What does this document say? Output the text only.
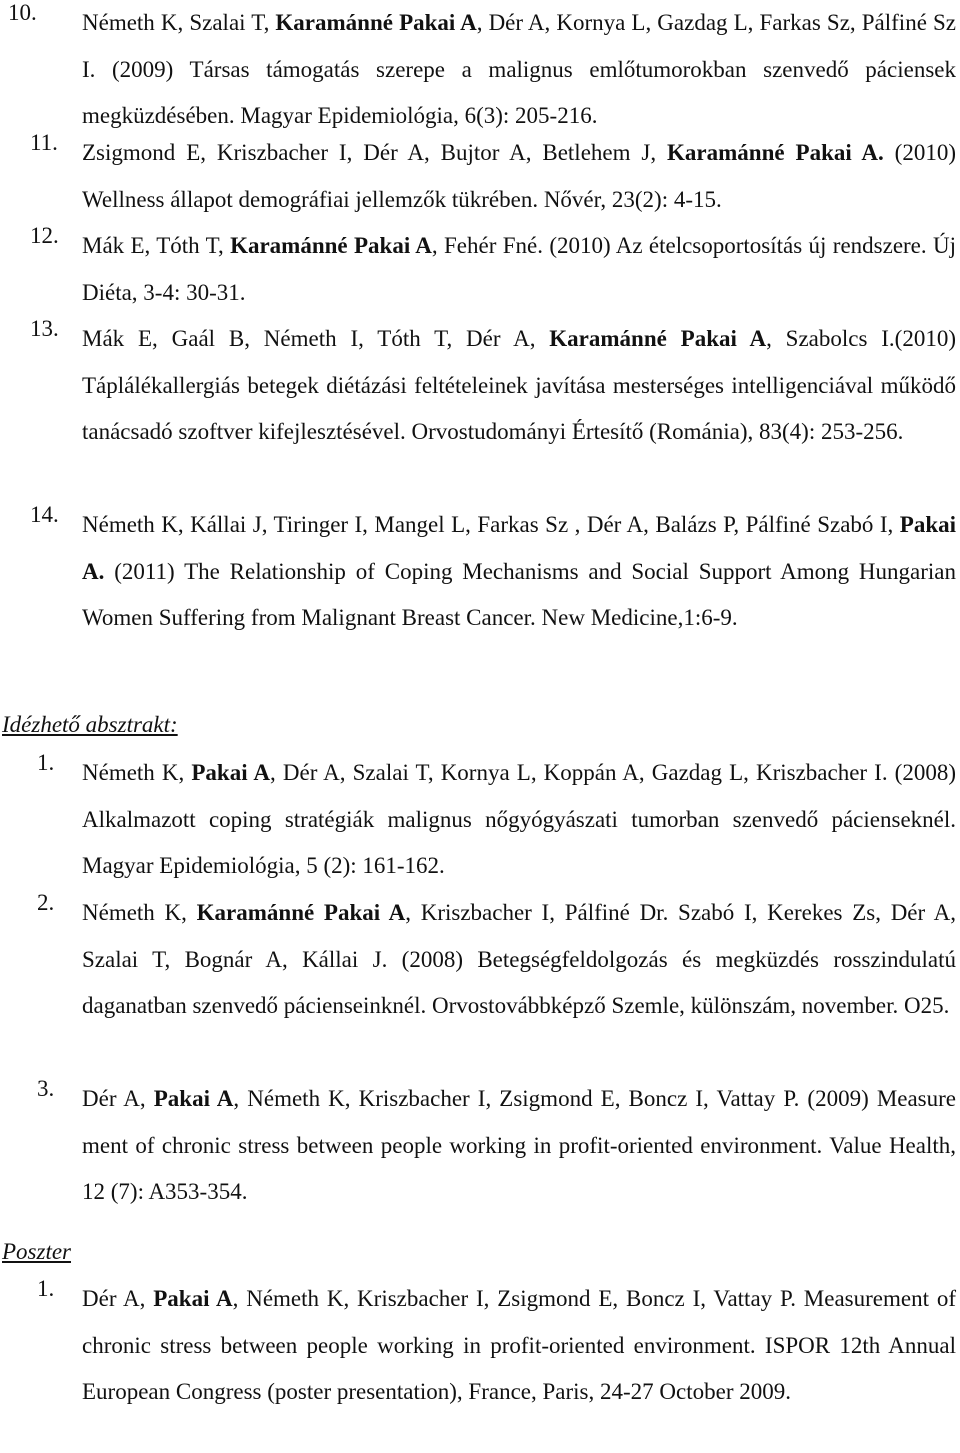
10. Németh K, Szalai T, Karamánné Pakai A, Dér A, Kornya L, Gazdag L, Farkas Sz, Pálfiné Sz I. (2009) Társas támogatás szerepe a malignus emlőtumorokban szenvedő páciensek megküzdésében. Magyar Epidemiológia, 6(3): 205-216.

11. Zsigmond E, Kriszbacher I, Dér A, Bujtor A, Betlehem J, Karamánné Pakai A. (2010) Wellness állapot demográfiai jellemzők tükrében. Nővér, 23(2): 4-15.

12. Mák E, Tóth T, Karamánné Pakai A, Fehér Fné. (2010) Az ételcsoportosítás új rendszere. Új Diéta, 3-4: 30-31.

13. Mák E, Gaál B, Németh I, Tóth T, Dér A, Karamánné Pakai A, Szabolcs I.(2010) Táplálékallergiás betegek diétázási feltételeinek javítása mesterséges intelligenciával működő tanácsadó szoftver kifejlesztésével. Orvostudományi Értesítő (Románia), 83(4): 253-256.

14. Németh K, Kállai J, Tiringer I, Mangel L, Farkas Sz , Dér A, Balázs P, Pálfiné Szabó I, Pakai A. (2011) The Relationship of Coping Mechanisms and Social Support Among Hungarian Women Suffering from Malignant Breast Cancer. New Medicine,1:6-9.

Idézhető absztrakt:
1. Németh K, Pakai A, Dér A, Szalai T, Kornya L, Koppán A, Gazdag L, Kriszbacher I. (2008) Alkalmazott coping stratégiák malignus nőgyógyászati tumorban szenvedő pácienseknél. Magyar Epidemiológia, 5 (2): 161-162.

2. Németh K, Karamánné Pakai A, Kriszbacher I, Pálfiné Dr. Szabó I, Kerekes Zs, Dér A, Szalai T, Bognár A, Kállai J. (2008) Betegségfeldolgozás és megküzdés rosszindulatú daganatban szenvedő pácienseinknél. Orvostovábbképző Szemle, különszám, november. O25.

3. Dér A, Pakai A, Németh K, Kriszbacher I, Zsigmond E, Boncz I, Vattay P. (2009) Measure ment of chronic stress between people working in profit-oriented environment. Value Health, 12 (7): A353-354.

Poszter
1. Dér A, Pakai A, Németh K, Kriszbacher I, Zsigmond E, Boncz I, Vattay P. Measurement of chronic stress between people working in profit-oriented environment. ISPOR 12th Annual European Congress (poster presentation), France, Paris, 24-27 October 2009.
